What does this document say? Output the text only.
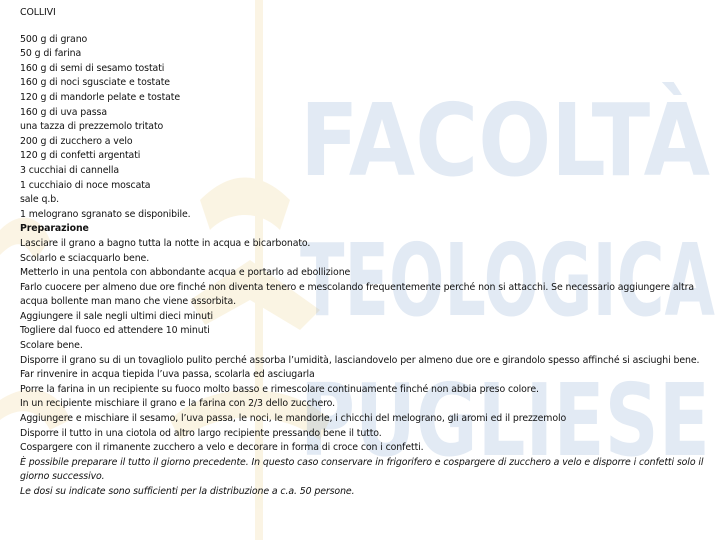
FACOLTÀ
TEOLOGICA
PUGLIESE
COLLIVI
500 g di grano
50 g di farina
160 g di semi di sesamo tostati
160 g di noci sgusciate e tostate
120 g di mandorle pelate e tostate
160 g di uva passa
una tazza di prezzemolo tritato
200 g di zucchero a velo
120 g di confetti argentati
3 cucchiai di cannella
1 cucchiaio di noce moscata
sale q.b.
1 melograno sgranato se disponibile.
Preparazione
Lasciare il grano a bagno tutta la notte in acqua e bicarbonato.
Scolarlo e sciacquarlo bene.
Metterlo in una pentola con abbondante acqua e portarlo ad ebollizione
Farlo cuocere per almeno due ore finché non diventa tenero e mescolando frequentemente perché non si attacchi. Se necessario aggiungere altra acqua bollente man mano che viene assorbita.
Aggiungere il sale negli ultimi dieci minuti
Togliere dal fuoco ed attendere 10 minuti
Scolare bene.
Disporre il grano su di un tovagliolo pulito perché assorba l’umidità, lasciandovelo per almeno due ore e girandolo spesso affinché si asciughi bene.
Far rinvenire in acqua tiepida l’uva passa, scolarla ed asciugarla
Porre la farina in un recipiente su fuoco molto basso e rimescolare continuamente finché non abbia preso colore.
In un recipiente mischiare il grano e la farina con 2/3 dello zucchero.
Aggiungere e mischiare il sesamo, l’uva passa, le noci, le mandorle, i chicchi del melograno, gli aromi ed il prezzemolo
Disporre il tutto in una ciotola od altro largo recipiente pressando bene il tutto.
Cospargere con il rimanente zucchero a velo e decorare in forma di croce con i confetti.
È possibile preparare il tutto il giorno precedente. In questo caso conservare in frigorifero e cospargere di zucchero a velo e disporre i confetti solo il giorno successivo.
Le dosi su indicate sono sufficienti per la distribuzione a c.a. 50 persone.
